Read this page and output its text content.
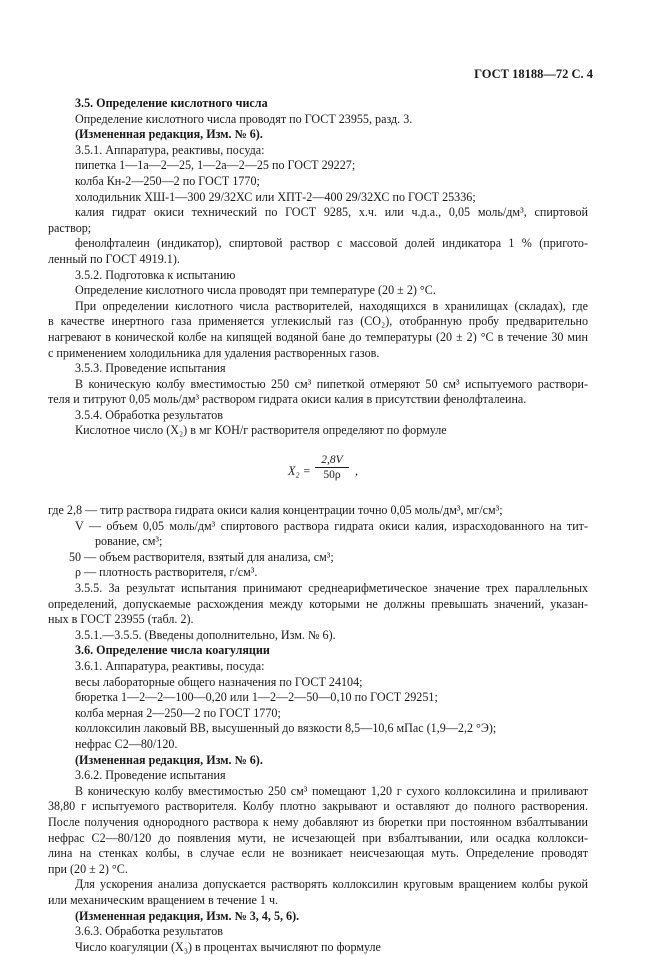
ГОСТ 18188—72 С. 4
3.5. Определение кислотного числа
Определение кислотного числа проводят по ГОСТ 23955, разд. 3.
(Измененная редакция, Изм. № 6).
3.5.1. Аппаратура, реактивы, посуда:
пипетка 1—1а—2—25, 1—2а—2—25 по ГОСТ 29227;
колба Кн-2—250—2 по ГОСТ 1770;
холодильник ХШ-1—300 29/32ХС или ХПТ-2—400 29/32ХС по ГОСТ 25336;
калия гидрат окиси технический по ГОСТ 9285, х.ч. или ч.д.а., 0,05 моль/дм³, спиртовой
раствор;
фенолфталеин (индикатор), спиртовой раствор с массовой долей индикатора 1 % (пригото-
ленный по ГОСТ 4919.1).
3.5.2. Подготовка к испытанию
Определение кислотного числа проводят при температуре (20 ± 2) °С.
При определении кислотного числа растворителей, находящихся в хранилищах (складах), где
в качестве инертного газа применяется углекислый газ (CO₂), отобранную пробу предварительно
нагревают в конической колбе на кипящей водяной бане до температуры (20 ± 2) °С в течение 30 мин
с применением холодильника для удаления растворенных газов.
3.5.3. Проведение испытания
В коническую колбу вместимостью 250 см³ пипеткой отмеряют 50 см³ испытуемого раствори-
теля и титруют 0,05 моль/дм³ раствором гидрата окиси калия в присутствии фенолфталеина.
3.5.4. Обработка результатов
Кислотное число (X₂) в мг КОН/г растворителя определяют по формуле
$X_2 = \frac{2,8V}{50\rho}$ ,
где 2,8 — титр раствора гидрата окиси калия концентрации точно 0,05 моль/дм³, мг/см³;
V — объем 0,05 моль/дм³ спиртового раствора гидрата окиси калия, израсходованного на тит-
рование, см³;
50 — объем растворителя, взятый для анализа, см³;
ρ — плотность растворителя, г/см³.
3.5.5. За результат испытания принимают среднеарифметическое значение трех параллельных
определений, допускаемые расхождения между которыми не должны превышать значений, указан-
ных в ГОСТ 23955 (табл. 2).
3.5.1.—3.5.5. (Введены дополнительно, Изм. № 6).
3.6. Определение числа коагуляции
3.6.1. Аппаратура, реактивы, посуда:
весы лабораторные общего назначения по ГОСТ 24104;
бюретка 1—2—2—100—0,20 или 1—2—2—50—0,10 по ГОСТ 29251;
колба мерная 2—250—2 по ГОСТ 1770;
коллоксилин лаковый ВВ, высушенный до вязкости 8,5—10,6 мПас (1,9—2,2 °Э);
нефрас С2—80/120.
(Измененная редакция, Изм. № 6).
3.6.2. Проведение испытания
В коническую колбу вместимостью 250 см³ помещают 1,20 г сухого коллоксилина и приливают
38,80 г испытуемого растворителя. Колбу плотно закрывают и оставляют до полного растворения.
После получения однородного раствора к нему добавляют из бюретки при постоянном взбалтывании
нефрас С2—80/120 до появления мути, не исчезающей при взбалтывании, или осадка коллокси-
лина на стенках колбы, в случае если не возникает неисчезающая муть. Определение проводят
при (20 ± 2) °С.
Для ускорения анализа допускается растворять коллоксилин круговым вращением колбы рукой
или механическим вращением в течение 1 ч.
(Измененная редакция, Изм. № 3, 4, 5, 6).
3.6.3. Обработка результатов
Число коагуляции (X₃) в процентах вычисляют по формуле
